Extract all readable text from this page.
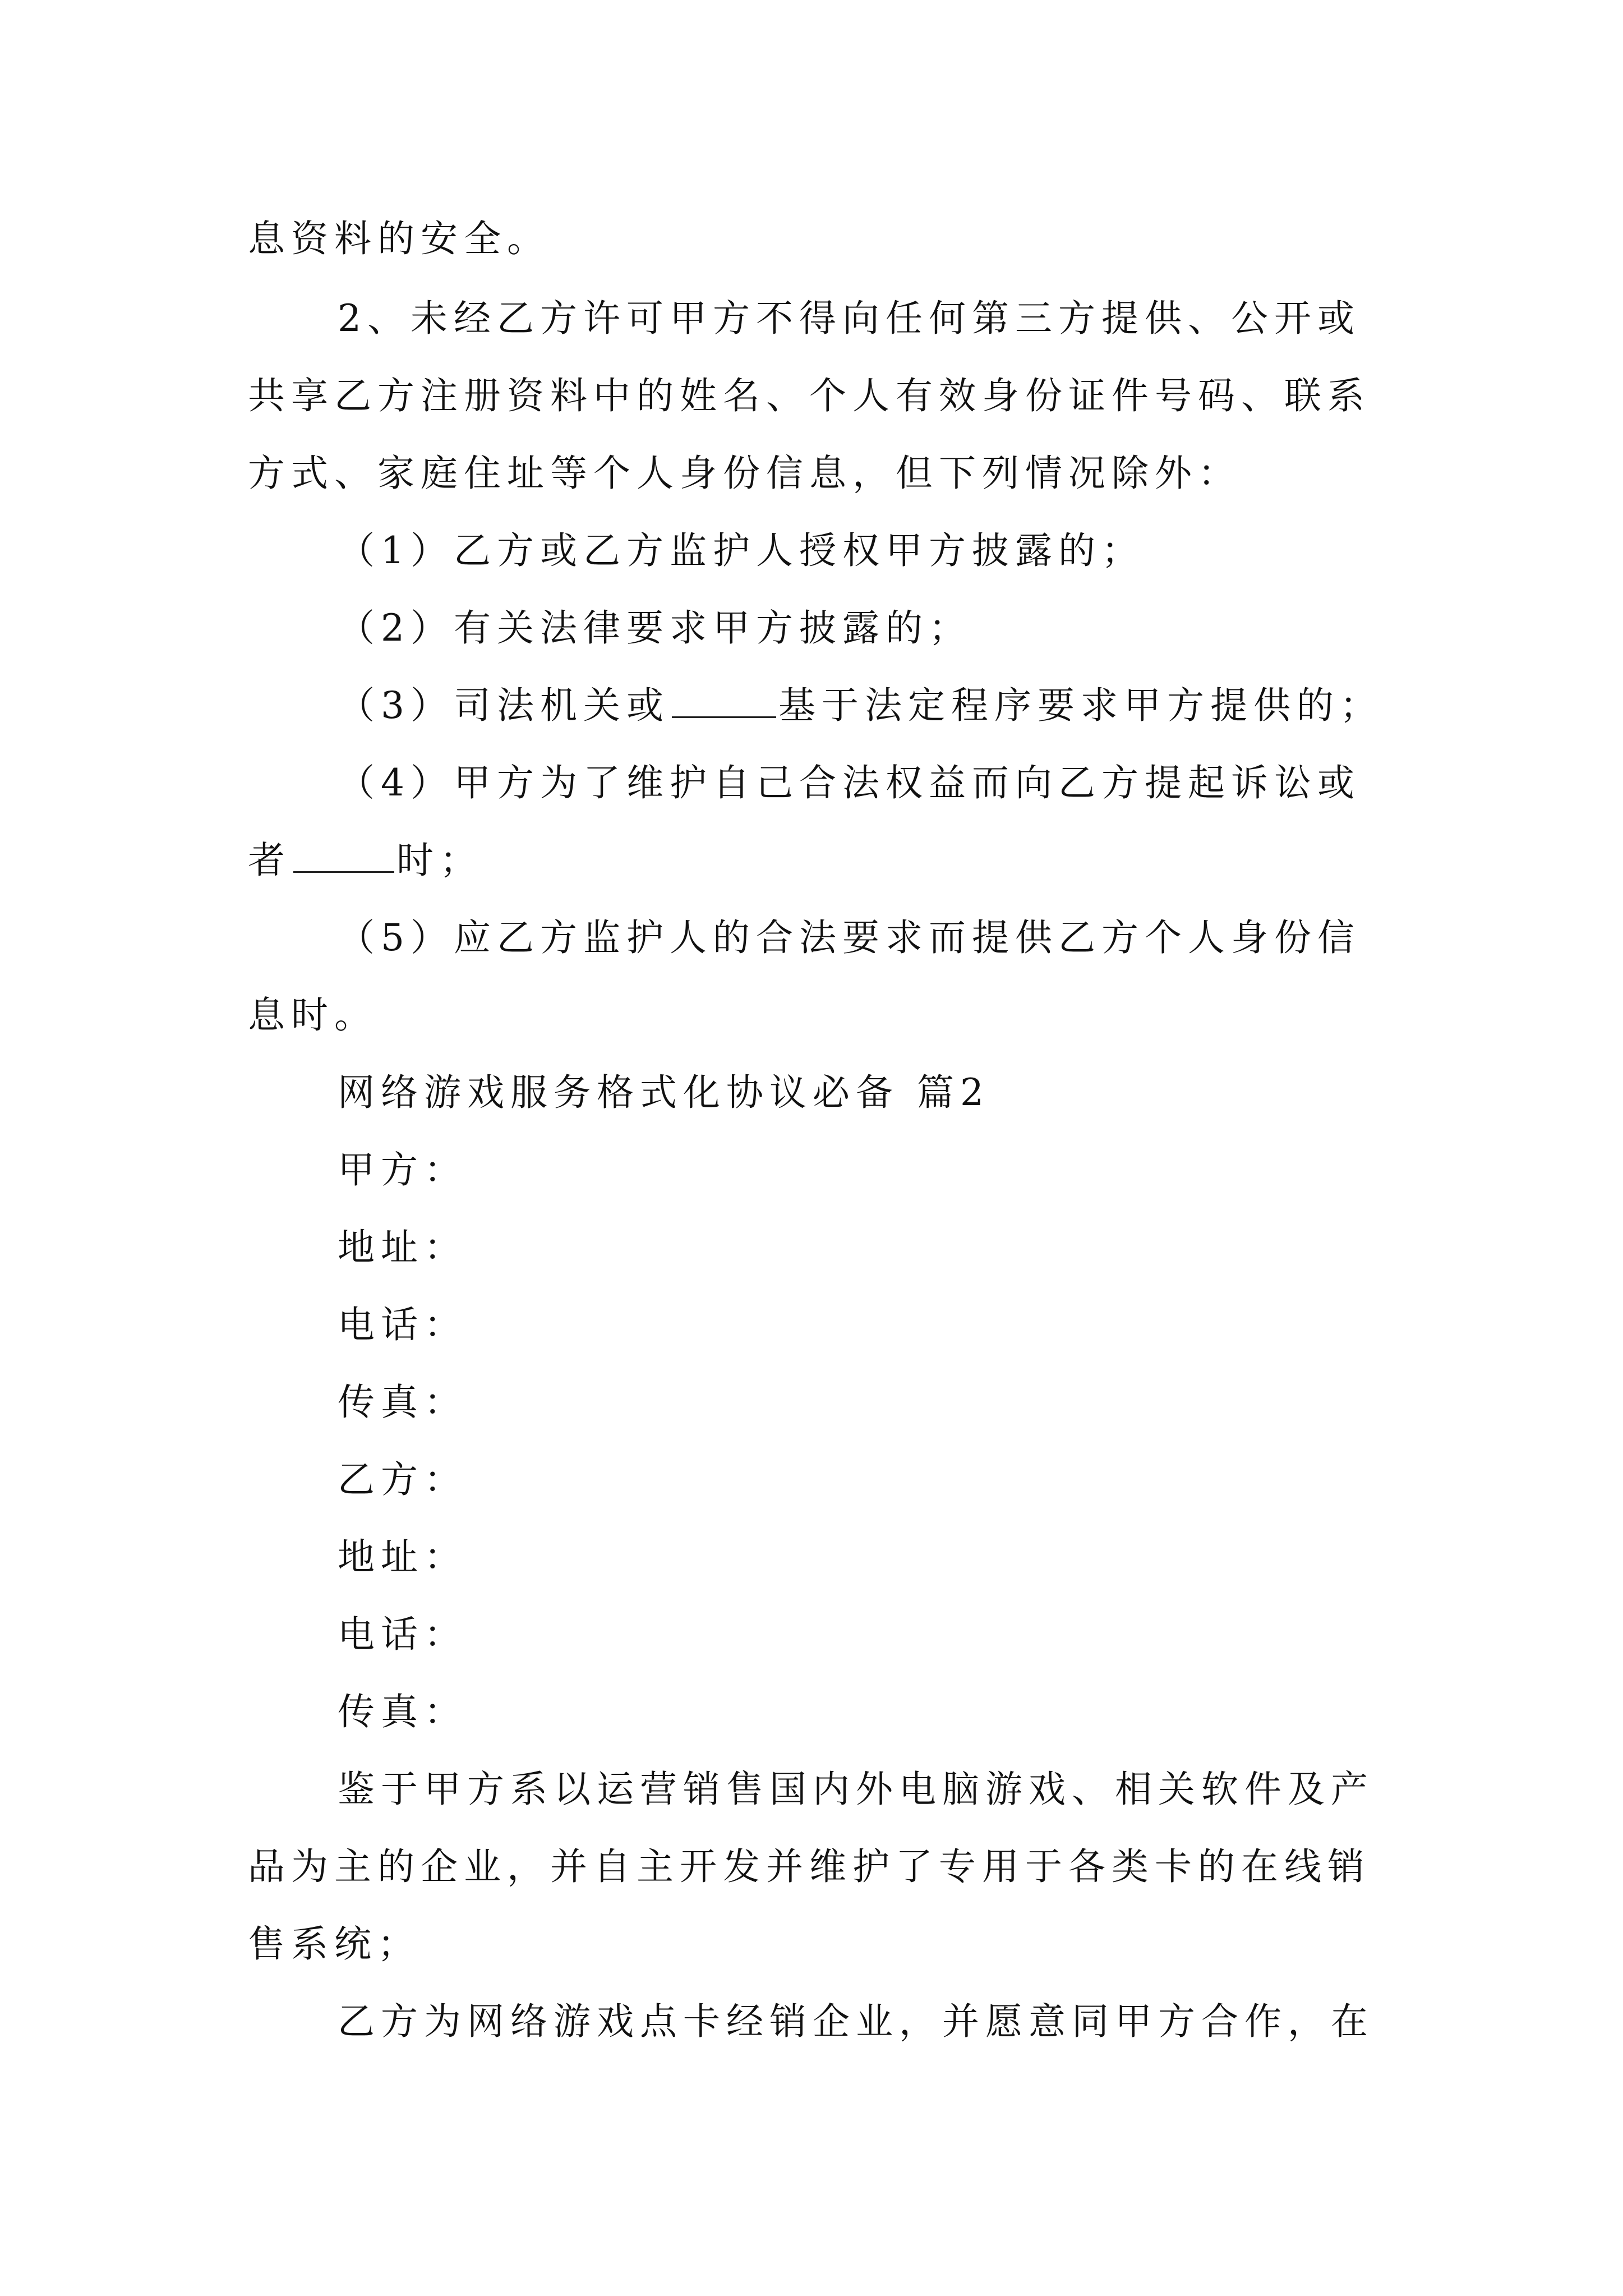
息资料的安全。
2、未经乙方许可甲方不得向任何第三方提供、公开或
共享乙方注册资料中的姓名、个人有效身份证件号码、联系
方式、家庭住址等个人身份信息，但下列情况除外：
（1）乙方或乙方监护人授权甲方披露的；
（2）有关法律要求甲方披露的；
（3）司法机关或	基于法定程序要求甲方提供的；
（4）甲方为了维护自己合法权益而向乙方提起诉讼或
者	时；
（5）应乙方监护人的合法要求而提供乙方个人身份信
息时。
网络游戏服务格式化协议必备 篇2
甲方：
地址：
电话：
传真：
乙方：
地址：
电话：
传真：
鉴于甲方系以运营销售国内外电脑游戏、相关软件及产
品为主的企业，并自主开发并维护了专用于各类卡的在线销
售系统；
乙方为网络游戏点卡经销企业，并愿意同甲方合作，在
